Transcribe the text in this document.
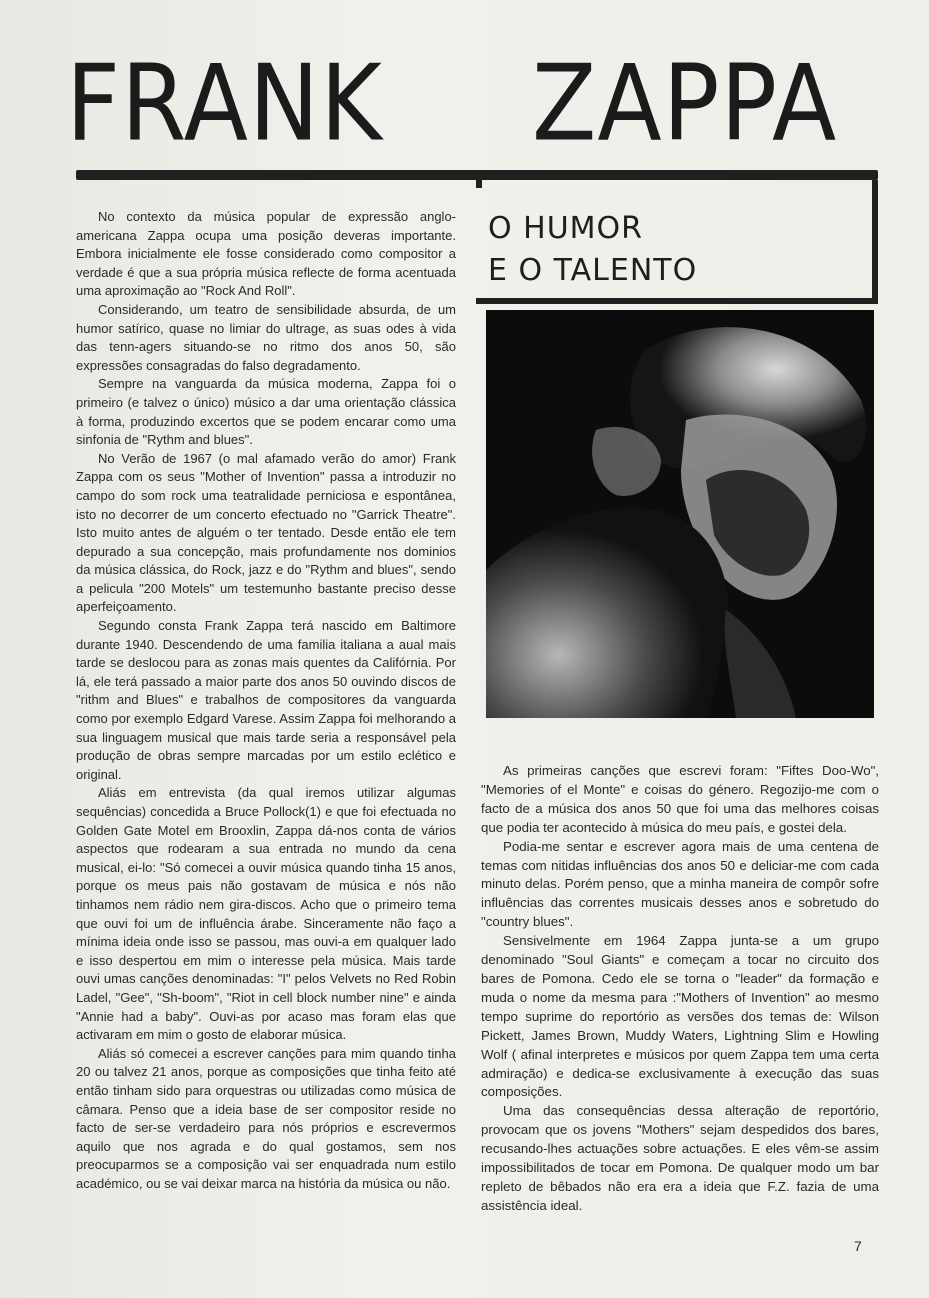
FRANK ZAPPA
O HUMOR
E O TALENTO

No contexto da música popular de expressão anglo-americana Zappa ocupa uma posição deveras importante. Embora inicialmente ele fosse considerado como compositor a verdade é que a sua própria música reflecte de forma acentuada uma aproximação ao "Rock And Roll".

Considerando, um teatro de sensibilidade absurda, de um humor satírico, quase no limiar do ultrage, as suas odes à vida das tenn-agers situando-se no ritmo dos anos 50, são expressões consagradas do falso degradamento.

Sempre na vanguarda da música moderna, Zappa foi o primeiro (e talvez o único) músico a dar uma orientação clássica à forma, produzindo excertos que se podem encarar como uma sinfonia de "Rythm and blues".

No Verão de 1967 (o mal afamado verão do amor) Frank Zappa com os seus "Mother of Invention" passa a introduzir no campo do som rock uma teatralidade perniciosa e espontânea, isto no decorrer de um concerto efectuado no "Garrick Theatre". Isto muito antes de alguém o ter tentado. Desde então ele tem depurado a sua concepção, mais profundamente nos dominios da música clássica, do Rock, jazz e do "Rythm and blues", sendo a pelicula "200 Motels" um testemunho bastante preciso desse aperfeiçoamento.

Segundo consta Frank Zappa terá nascido em Baltimore durante 1940. Descendendo de uma familia italiana a aual mais tarde se deslocou para as zonas mais quentes da Califórnia. Por lá, ele terá passado a maior parte dos anos 50 ouvindo discos de "rithm and Blues" e trabalhos de compositores da vanguarda como por exemplo Edgard Varese. Assim Zappa foi melhorando a sua linguagem musical que mais tarde seria a responsável pela produção de obras sempre marcadas por um estilo eclético e original.

Aliás em entrevista (da qual iremos utilizar algumas sequências) concedida a Bruce Pollock(1) e que foi efectuada no Golden Gate Motel em Brooxlin, Zappa dá-nos conta de vários aspectos que rodearam a sua entrada no mundo da cena musical, ei-lo: "Só comecei a ouvir música quando tinha 15 anos, porque os meus pais não gostavam de música e nós não tinhamos nem rádio nem gira-discos. Acho que o primeiro tema que ouvi foi um de influência árabe. Sinceramente não faço a mínima ideia onde isso se passou, mas ouvi-a em qualquer lado e isso despertou em mim o interesse pela música. Mais tarde ouvi umas canções denominadas: "I" pelos Velvets no Red Robin Ladel, "Gee", "Sh-boom", "Riot in cell block number nine" e ainda "Annie had a baby". Ouvi-as por acaso mas foram elas que activaram em mim o gosto de elaborar música.

Aliás só comecei a escrever canções para mim quando tinha 20 ou talvez 21 anos, porque as composições que tinha feito até então tinham sido para orquestras ou utilizadas como música de câmara. Penso que a ideia base de ser compositor reside no facto de ser-se verdadeiro para nós próprios e escrevermos aquilo que nos agrada e do qual gostamos, sem nos preocuparmos se a composição vai ser enquadrada num estilo académico, ou se vai deixar marca na história da música ou não.

As primeiras canções que escrevi foram: "Fiftes Doo-Wo", "Memories of el Monte" e coisas do género. Regozijo-me com o facto de a música dos anos 50 que foi uma das melhores coisas que podia ter acontecido à música do meu país, e gostei dela.

Podia-me sentar e escrever agora mais de uma centena de temas com nitidas influências dos anos 50 e deliciar-me com cada minuto delas. Porém penso, que a minha maneira de compôr sofre influências das correntes musicais desses anos e sobretudo do "country blues".

Sensivelmente em 1964 Zappa junta-se a um grupo denominado "Soul Giants" e começam a tocar no circuito dos bares de Pomona. Cedo ele se torna o "leader" da formação e muda o nome da mesma para :"Mothers of Invention" ao mesmo tempo suprime do reportório as versões dos temas de: Wilson Pickett, James Brown, Muddy Waters, Lightning Slim e Howling Wolf ( afinal interpretes e músicos por quem Zappa tem uma certa admiração) e dedica-se exclusivamente à execução das suas composições.

Uma das consequências dessa alteração de reportório, provocam que os jovens "Mothers" sejam despedidos dos bares, recusando-lhes actuações sobre actuações. E eles vêm-se assim impossibilitados de tocar em Pomona. De qualquer modo um bar repleto de bêbados não era era a ideia que F.Z. fazia de uma assistência ideal.

7
